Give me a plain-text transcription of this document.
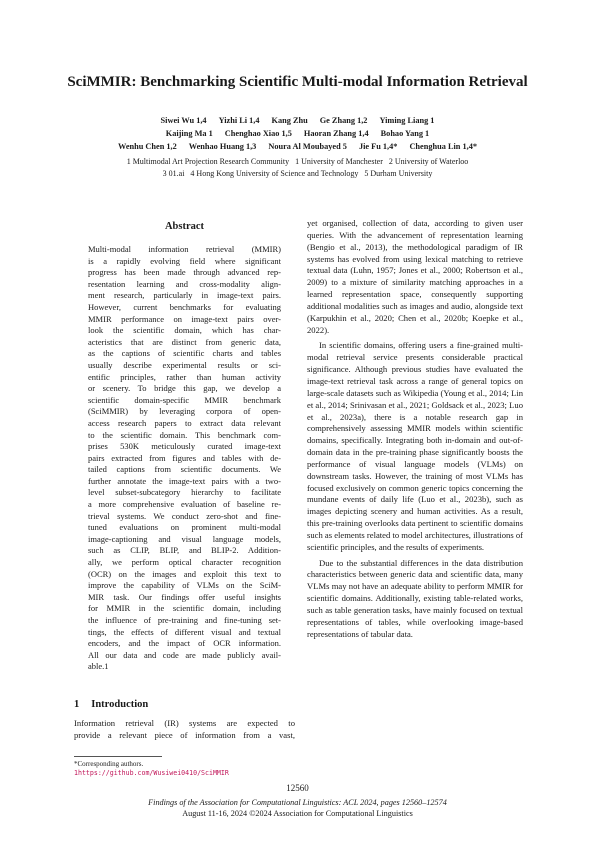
SciMMIR: Benchmarking Scientific Multi-modal Information Retrieval
Siwei Wu 1,4 Yizhi Li 1,4 Kang Zhu Ge Zhang 1,2 Yiming Liang 1
Kaijing Ma 1 Chenghao Xiao 1,5 Haoran Zhang 1,4 Bohao Yang 1
Wenhu Chen 1,2 Wenhao Huang 1,3 Noura Al Moubayed 5 Jie Fu 1,4* Chenghua Lin 1,4*
1 Multimodal Art Projection Research Community 1 University of Manchester 2 University of Waterloo
3 01.ai 4 Hong Kong University of Science and Technology 5 Durham University
Abstract
Multi-modal information retrieval (MMIR)
is a rapidly evolving field where significant
progress has been made through advanced rep-
resentation learning and cross-modality align-
ment research, particularly in image-text pairs.
However, current benchmarks for evaluating
MMIR performance on image-text pairs over-
look the scientific domain, which has char-
acteristics that are distinct from generic data,
as the captions of scientific charts and tables
usually describe experimental results or sci-
entific principles, rather than human activity
or scenery. To bridge this gap, we develop a
scientific domain-specific MMIR benchmark
(SciMMIR) by leveraging corpora of open-
access research papers to extract data relevant
to the scientific domain. This benchmark com-
prises 530K meticulously curated image-text
pairs extracted from figures and tables with de-
tailed captions from scientific documents. We
further annotate the image-text pairs with a two-
level subset-subcategory hierarchy to facilitate
a more comprehensive evaluation of baseline re-
trieval systems. We conduct zero-shot and fine-
tuned evaluations on prominent multi-modal
image-captioning and visual language models,
such as CLIP, BLIP, and BLIP-2. Addition-
ally, we perform optical character recognition
(OCR) on the images and exploit this text to
improve the capability of VLMs on the SciM-
MIR task. Our findings offer useful insights
for MMIR in the scientific domain, including
the influence of pre-training and fine-tuning set-
tings, the effects of different visual and textual
encoders, and the impact of OCR information.
All our data and code are made publicly avail-
able.1
1 Introduction
Information retrieval (IR) systems are expected to
provide a relevant piece of information from a vast,
*Corresponding authors.
1https://github.com/Wusiwei0410/SciMMIR

yet organised, collection of data, according to given user queries. With the advancement of representation learning (Bengio et al., 2013), the methodological paradigm of IR systems has evolved from using lexical matching to retrieve textual data (Luhn, 1957; Jones et al., 2000; Robertson et al., 2009) to a mixture of similarity matching approaches in a learned representation space, consequently supporting additional modalities such as images and audio, alongside text (Karpukhin et al., 2020; Chen et al., 2020b; Koepke et al., 2022).

In scientific domains, offering users a fine-grained multi-modal retrieval service presents considerable practical significance. Although previous studies have evaluated the image-text retrieval task across a range of general topics on large-scale datasets such as Wikipedia (Young et al., 2014; Lin et al., 2014; Srinivasan et al., 2021; Goldsack et al., 2023; Luo et al., 2023a), there is a notable research gap in comprehensively assessing MMIR models within scientific domains, specifically. Integrating both in-domain and out-of-domain data in the pre-training phase significantly boosts the performance of visual language models (VLMs) on downstream tasks. However, the training of most VLMs has focused exclusively on common generic topics concerning the mundane events of daily life (Luo et al., 2023b), such as images depicting scenery and human activities. As a result, this pre-training overlooks data pertinent to scientific domains such as elements related to model architectures, illustrations of scientific principles, and the results of experiments.

Due to the substantial differences in the data distribution characteristics between generic data and scientific data, many VLMs may not have an adequate ability to perform MMIR for scientific domains. Additionally, existing table-related works, such as table generation tasks, have mainly focused on textual representations of tables, while overlooking image-based representations of tabular data.

12560
Findings of the Association for Computational Linguistics: ACL 2024, pages 12560–12574
August 11-16, 2024 ©2024 Association for Computational Linguistics
